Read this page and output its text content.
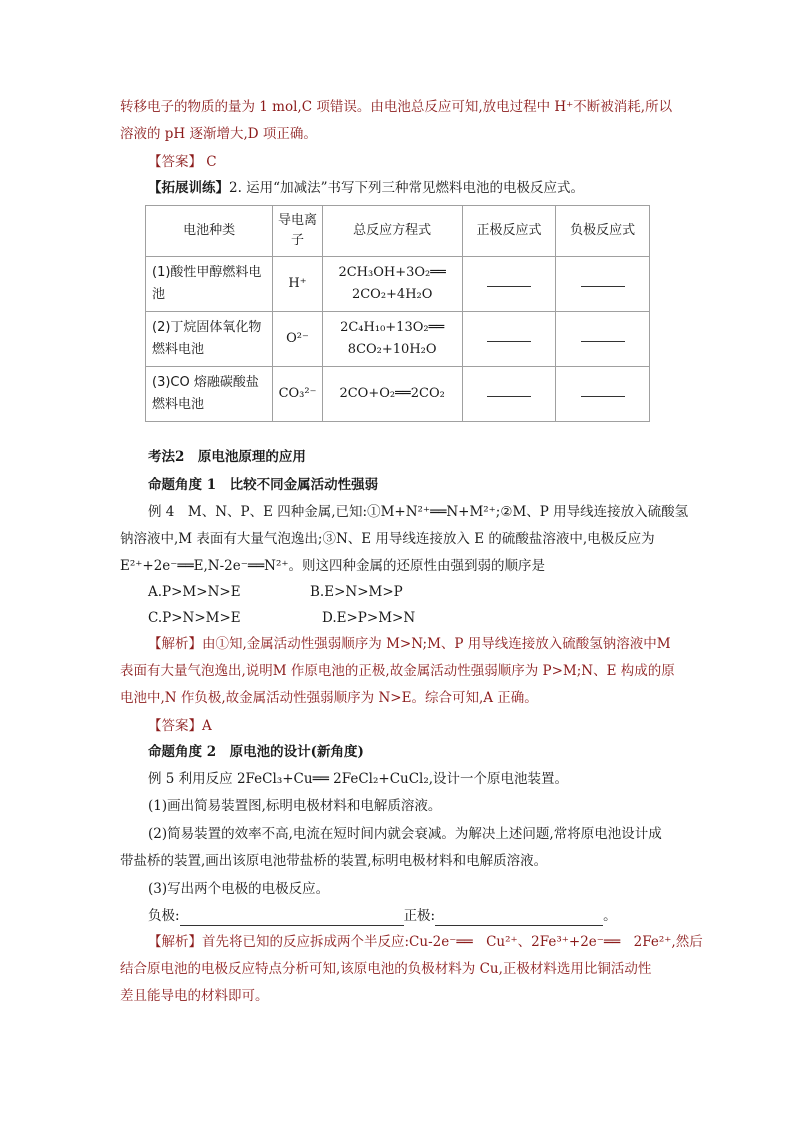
转移电子的物质的量为 1 mol,C 项错误。由电池总反应可知,放电过程中 H⁺不断被消耗,所以
溶液的 pH 逐渐增大,D 项正确。
【答案】 C
【拓展训练】2. 运用“加减法”书写下列三种常见燃料电池的电极反应式。
电池种类	导电离子	总反应方程式	正极反应式	负极反应式
(1)酸性甲醇燃料电池	H⁺	2CH₃OH+3O₂══
2CO₂+4H₂O		
(2)丁烷固体氧化物燃料电池	O²⁻	2C₄H₁₀+13O₂══
8CO₂+10H₂O		
(3)CO 熔融碳酸盐燃料电池	CO₃²⁻	2CO+O₂══2CO₂		
考法2　原电池原理的应用
命题角度 1　比较不同金属活动性强弱
例 4　M、N、P、E 四种金属,已知:①M+N²⁺══N+M²⁺;②M、P 用导线连接放入硫酸氢
钠溶液中,M 表面有大量气泡逸出;③N、E 用导线连接放入 E 的硫酸盐溶液中,电极反应为
E²⁺+2e⁻══E,N-2e⁻══N²⁺。则这四种金属的还原性由强到弱的顺序是
A.P>M>N>E	B.E>N>M>P
C.P>N>M>E	D.E>P>M>N
【解析】由①知,金属活动性强弱顺序为 M>N;M、P 用导线连接放入硫酸氢钠溶液中M
表面有大量气泡逸出,说明M 作原电池的正极,故金属活动性强弱顺序为 P>M;N、E 构成的原
电池中,N 作负极,故金属活动性强弱顺序为 N>E。综合可知,A 正确。
【答案】A
命题角度 2　原电池的设计(新角度)
例 5 利用反应 2FeCl₃+Cu══ 2FeCl₂+CuCl₂,设计一个原电池装置。
(1)画出简易装置图,标明电极材料和电解质溶液。
(2)简易装置的效率不高,电流在短时间内就会衰减。为解决上述问题,常将原电池设计成
带盐桥的装置,画出该原电池带盐桥的装置,标明电极材料和电解质溶液。
(3)写出两个电极的电极反应。
负极:	正极:	。
【解析】首先将已知的反应拆成两个半反应:Cu-2e⁻══　Cu²⁺、2Fe³⁺+2e⁻══　2Fe²⁺,然后
结合原电池的电极反应特点分析可知,该原电池的负极材料为 Cu,正极材料选用比铜活动性
差且能导电的材料即可。
